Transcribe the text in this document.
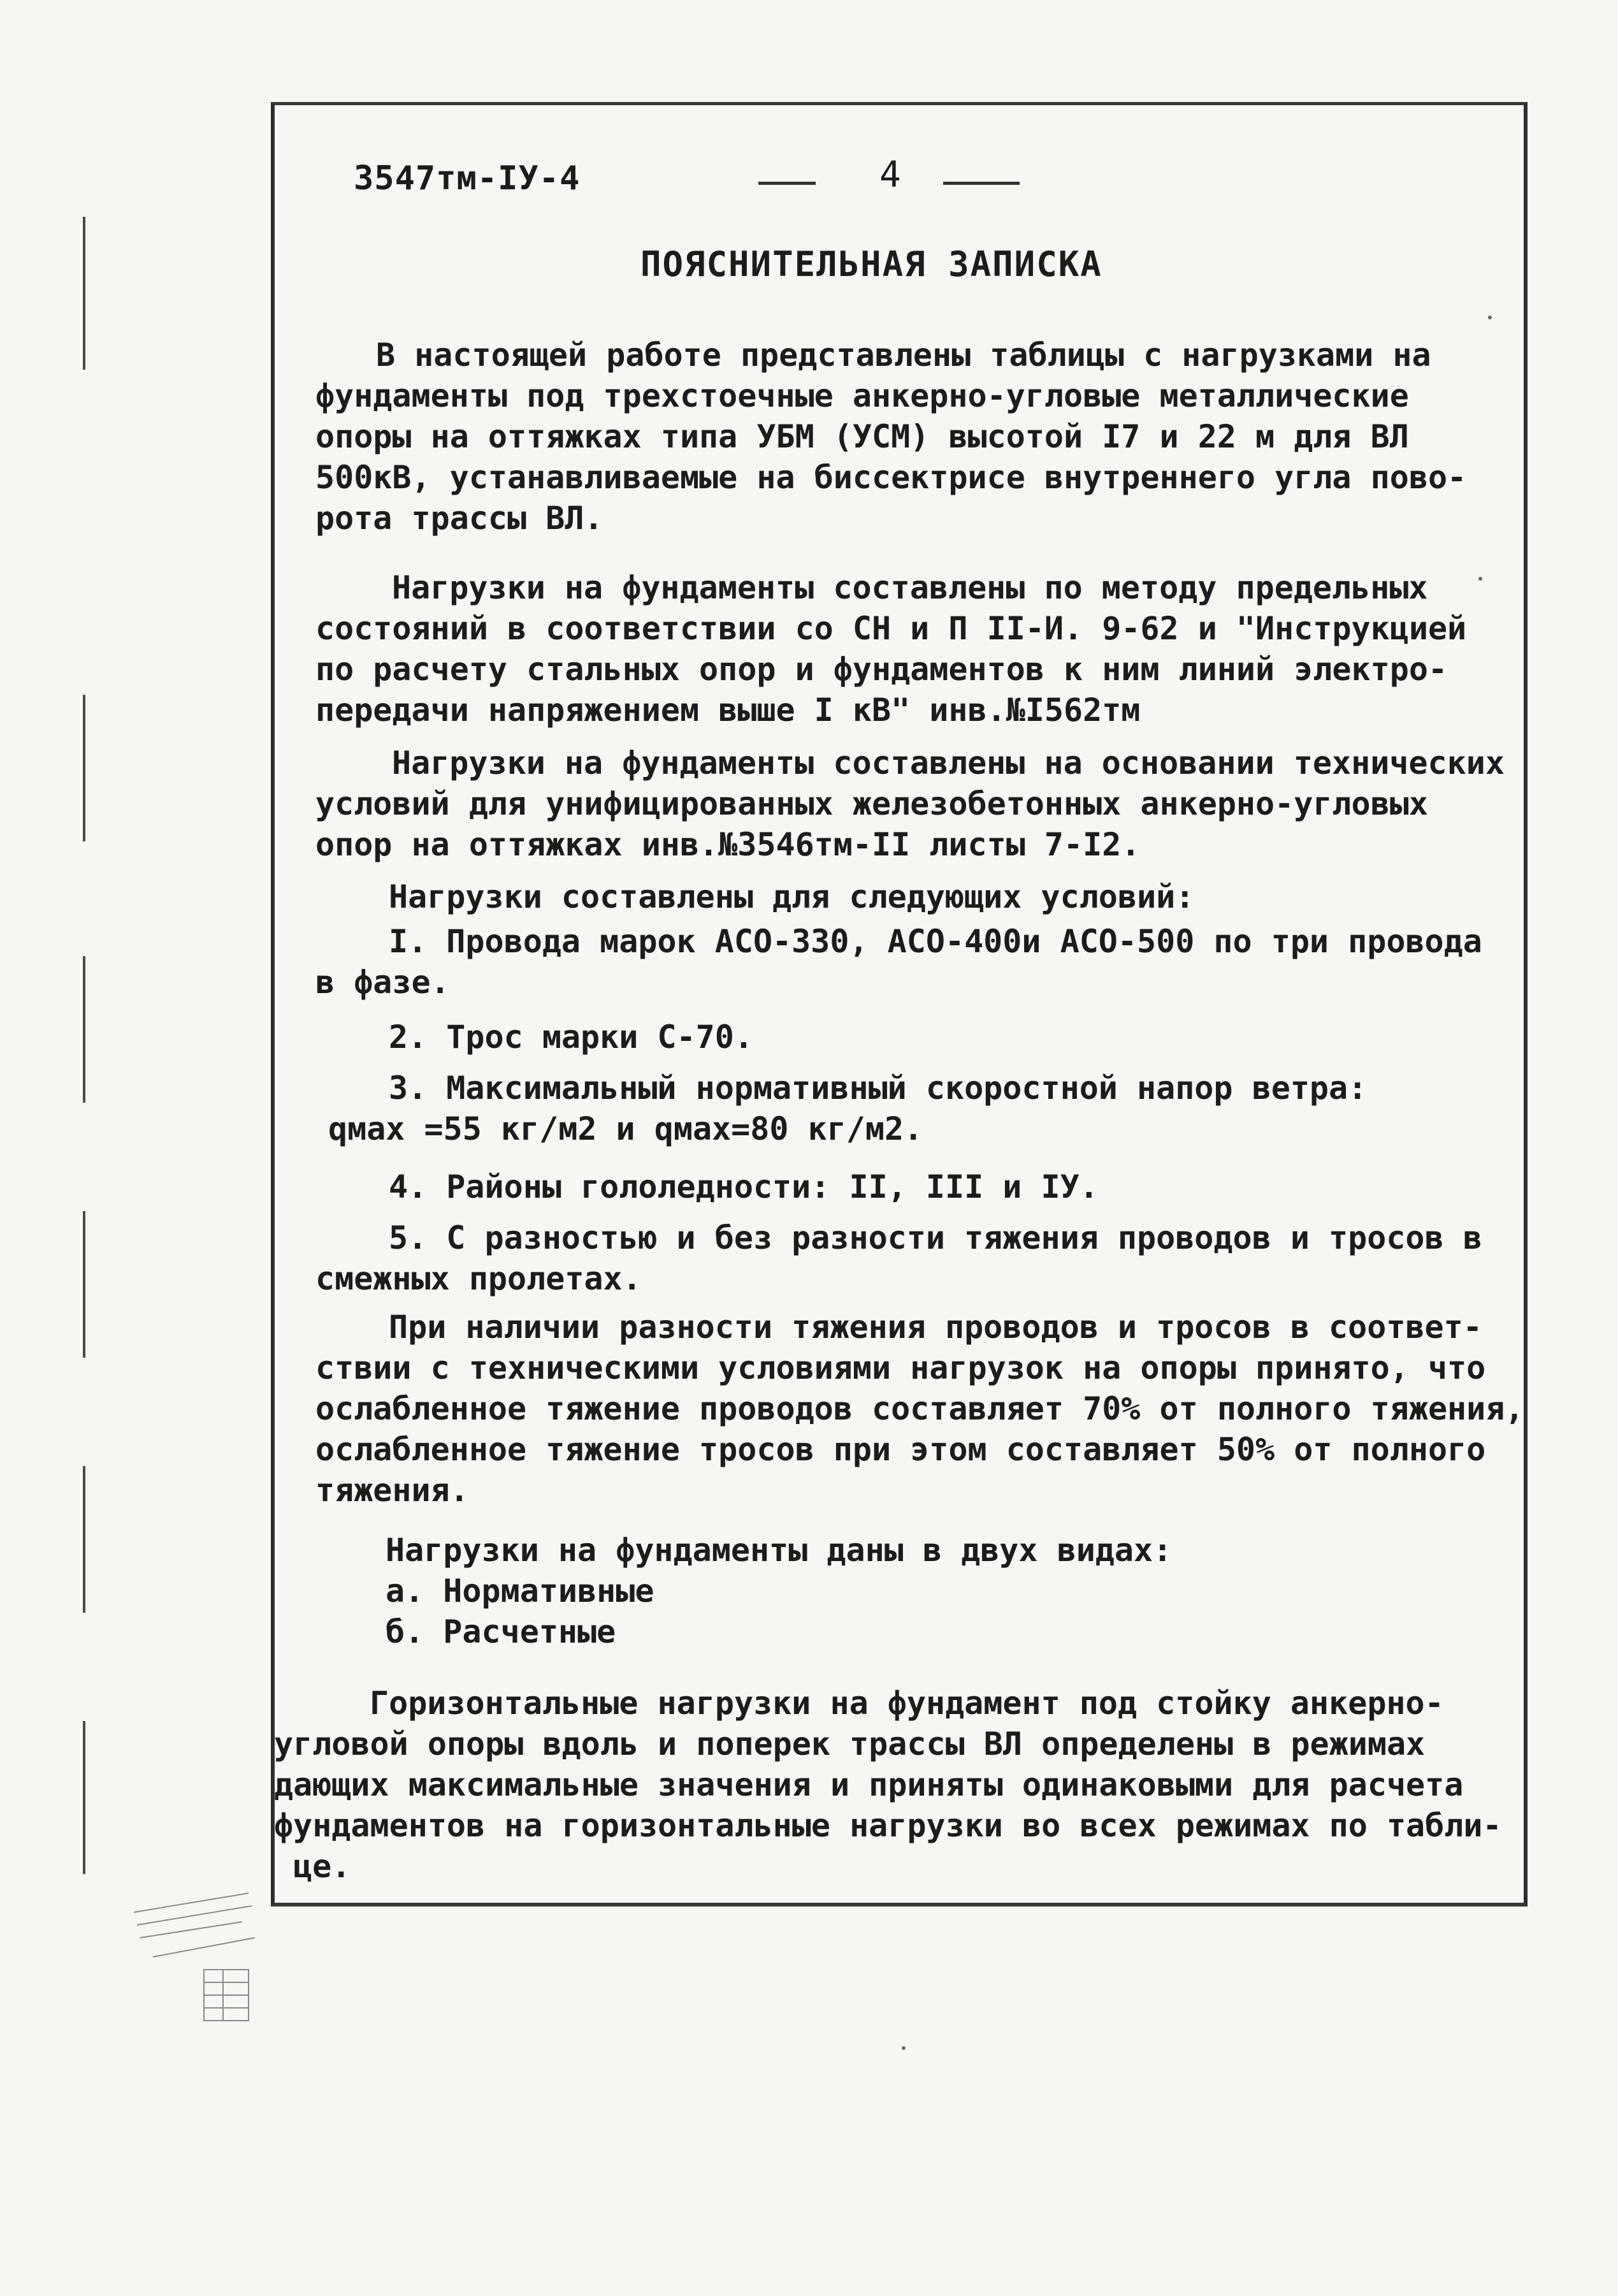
3547тм-IУ-4	4
ПОЯСНИТЕЛЬНАЯ ЗАПИСКА
В настоящей работе представлены таблицы с нагрузками на
фундаменты под трехстоечные анкерно-угловые металлические
опоры на оттяжках типа УБМ (УСМ) высотой I7 и 22 м для ВЛ
500кВ, устанавливаемые на биссектрисе внутреннего угла пово-
рота трассы ВЛ.
Нагрузки на фундаменты составлены по методу предельных
состояний в соответствии со СН и П II-И. 9-62 и "Инструкцией
по расчету стальных опор и фундаментов к ним линий электро-
передачи напряжением выше I кВ" инв.№I562тм
Нагрузки на фундаменты составлены на основании технических
условий для унифицированных железобетонных анкерно-угловых
опор на оттяжках инв.№3546тм-II листы 7-I2.
Нагрузки составлены для следующих условий:
I. Провода марок АСО-330, АСО-400и АСО-500 по три провода
в фазе.
2. Трос марки С-70.
3. Максимальный нормативный скоростной напор ветра:
qмах =55 кг/м2 и qмах=80 кг/м2.
4. Районы гололедности: II, III и IУ.
5. С разностью и без разности тяжения проводов и тросов в
смежных пролетах.
При наличии разности тяжения проводов и тросов в соответ-
ствии с техническими условиями нагрузок на опоры принято, что
ослабленное тяжение проводов составляет 70% от полного тяжения,
ослабленное тяжение тросов при этом составляет 50% от полного
тяжения.
Нагрузки на фундаменты даны в двух видах:
а. Нормативные
б. Расчетные
Горизонтальные нагрузки на фундамент под стойку анкерно-
угловой опоры вдоль и поперек трассы ВЛ определены в режимах
дающих максимальные значения и приняты одинаковыми для расчета
фундаментов на горизонтальные нагрузки во всех режимах по табли-
це.
